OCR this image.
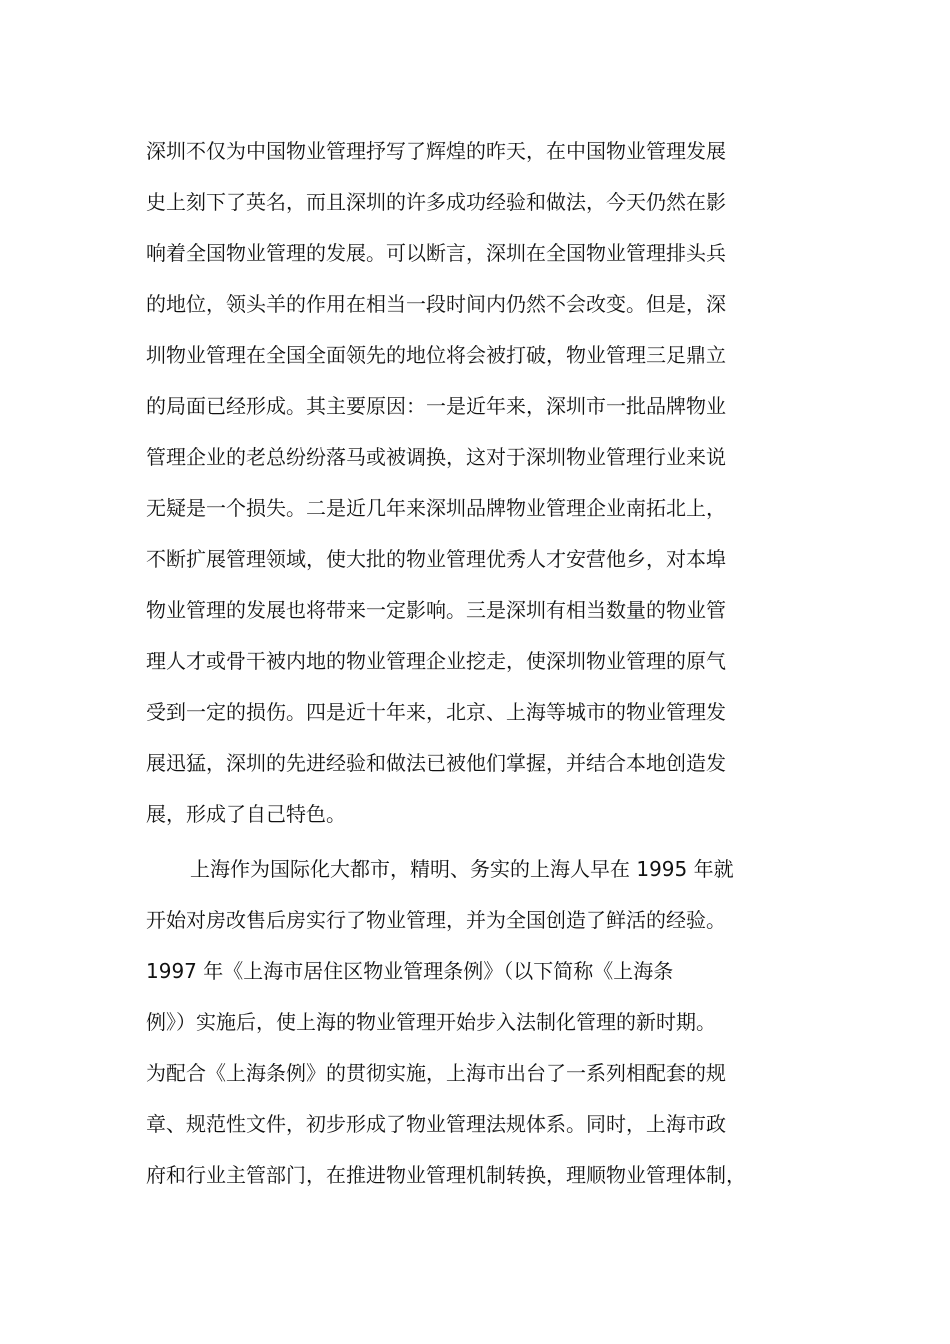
深圳不仅为中国物业管理抒写了辉煌的昨天，在中国物业管理发展
史上刻下了英名，而且深圳的许多成功经验和做法，今天仍然在影
响着全国物业管理的发展。可以断言，深圳在全国物业管理排头兵
的地位，领头羊的作用在相当一段时间内仍然不会改变。但是，深
圳物业管理在全国全面领先的地位将会被打破，物业管理三足鼎立
的局面已经形成。其主要原因：一是近年来，深圳市一批品牌物业
管理企业的老总纷纷落马或被调换，这对于深圳物业管理行业来说
无疑是一个损失。二是近几年来深圳品牌物业管理企业南拓北上，
不断扩展管理领域，使大批的物业管理优秀人才安营他乡，对本埠
物业管理的发展也将带来一定影响。三是深圳有相当数量的物业管
理人才或骨干被内地的物业管理企业挖走，使深圳物业管理的原气
受到一定的损伤。四是近十年来，北京、上海等城市的物业管理发
展迅猛，深圳的先进经验和做法已被他们掌握，并结合本地创造发
展，形成了自己特色。
上海作为国际化大都市，精明、务实的上海人早在 1995 年就
开始对房改售后房实行了物业管理，并为全国创造了鲜活的经验。
1997 年《上海市居住区物业管理条例》（以下简称《上海条
例》）实施后，使上海的物业管理开始步入法制化管理的新时期。
为配合《上海条例》的贯彻实施，上海市出台了一系列相配套的规
章、规范性文件，初步形成了物业管理法规体系。同时，上海市政
府和行业主管部门，在推进物业管理机制转换，理顺物业管理体制，
